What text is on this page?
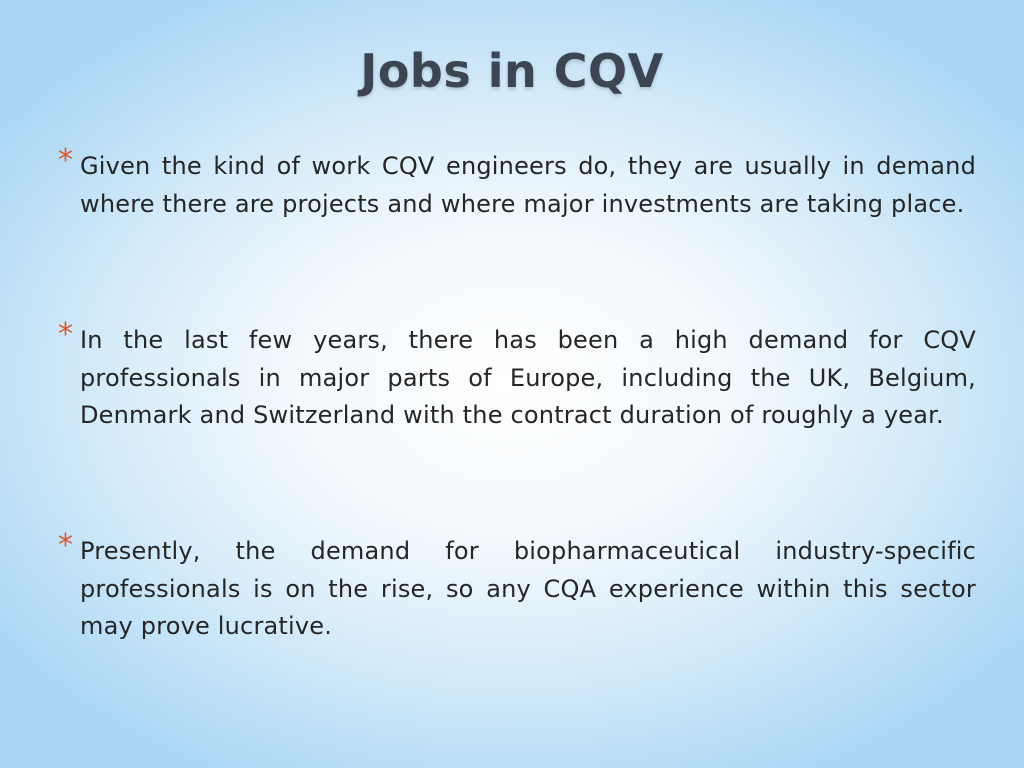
Jobs in CQV
* Given the kind of work CQV engineers do, they are usually in demand where there are projects and where major investments are taking place.
* In the last few years, there has been a high demand for CQV professionals in major parts of Europe, including the UK, Belgium, Denmark and Switzerland with the contract duration of roughly a year.
* Presently, the demand for biopharmaceutical industry-specific professionals is on the rise, so any CQA experience within this sector may prove lucrative.
